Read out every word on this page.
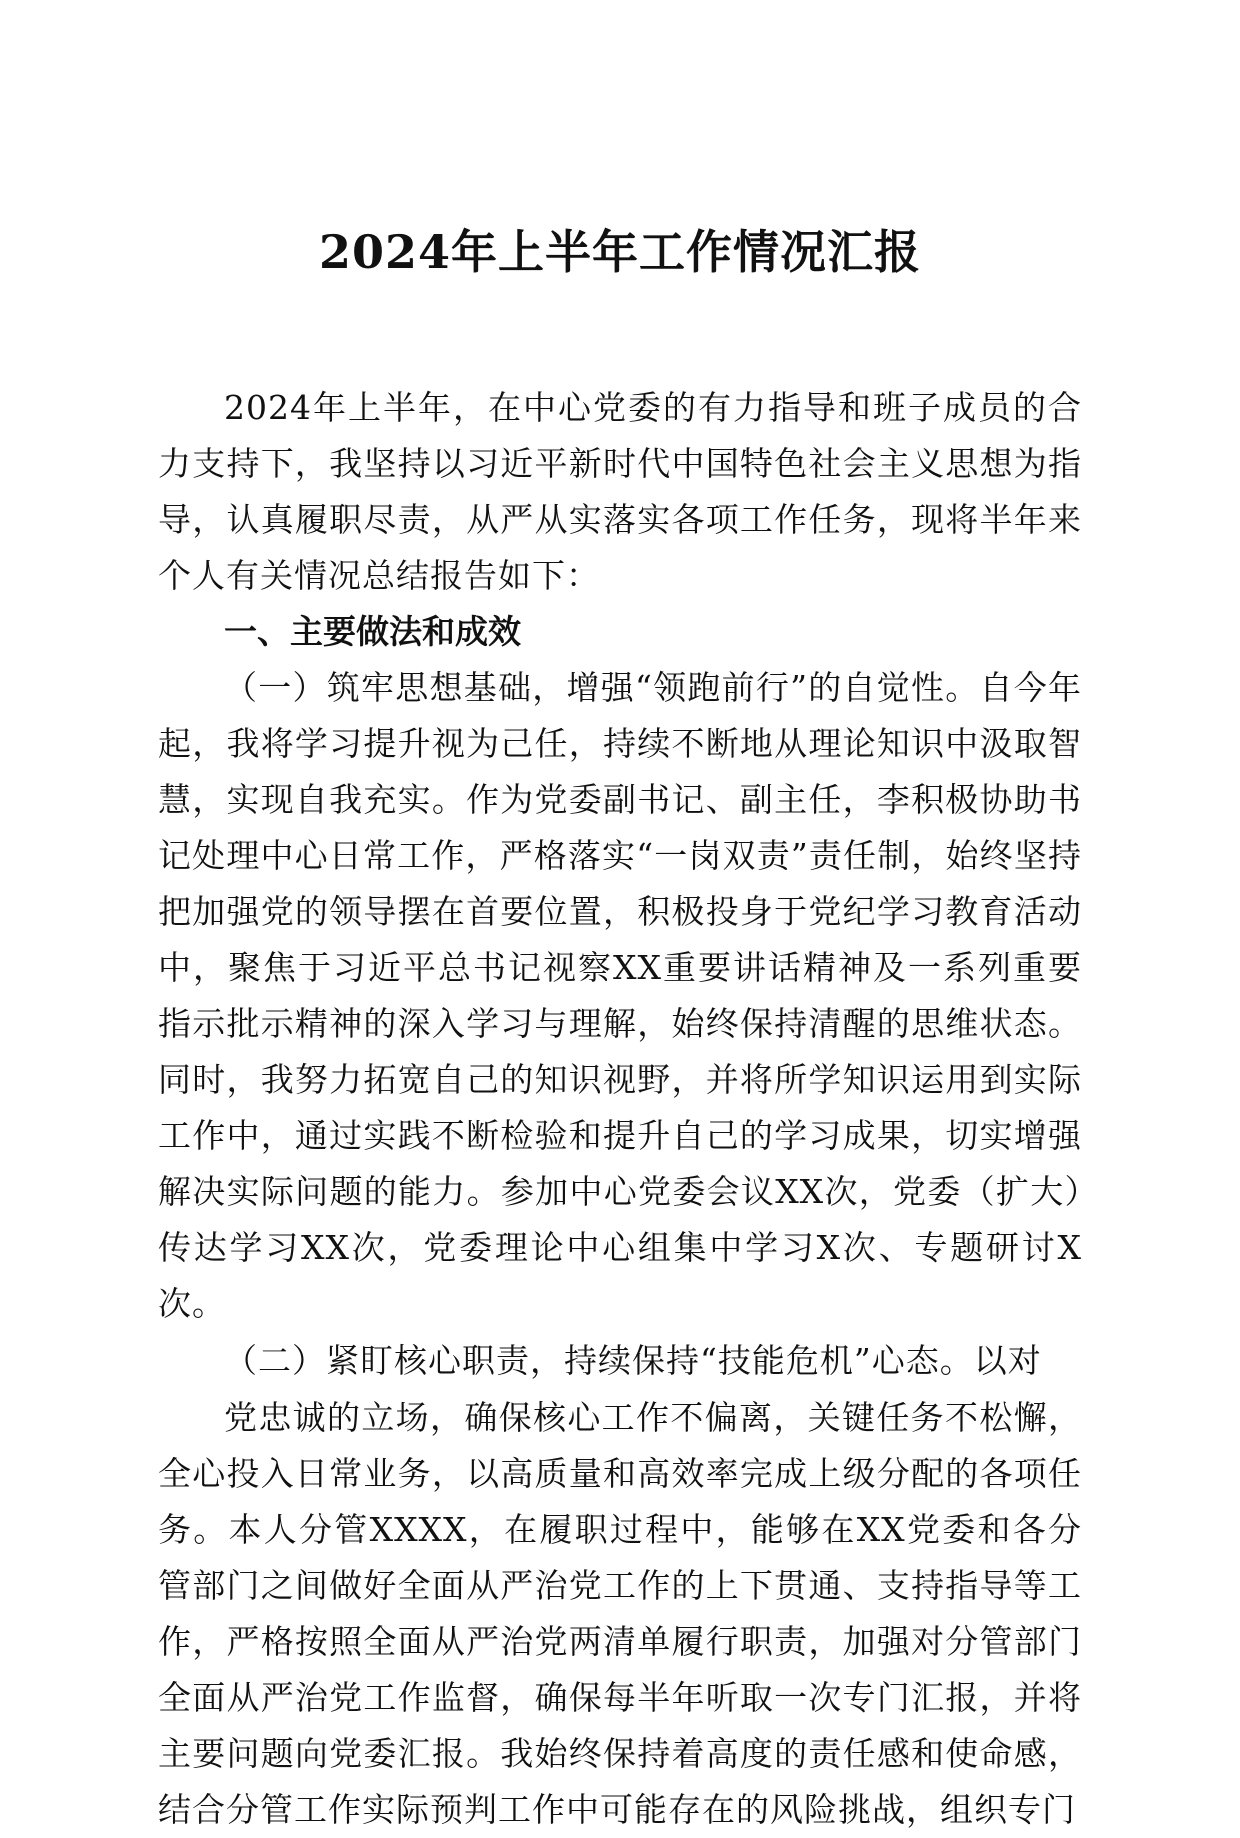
2024年上半年工作情况汇报

2024年上半年，在中心党委的有力指导和班子成员的合力支持下，我坚持以习近平新时代中国特色社会主义思想为指导，认真履职尽责，从严从实落实各项工作任务，现将半年来个人有关情况总结报告如下：

一、主要做法和成效

（一）筑牢思想基础，增强“领跑前行”的自觉性。自今年起，我将学习提升视为己任，持续不断地从理论知识中汲取智慧，实现自我充实。作为党委副书记、副主任，李积极协助书记处理中心日常工作，严格落实“一岗双责”责任制，始终坚持把加强党的领导摆在首要位置，积极投身于党纪学习教育活动中，聚焦于习近平总书记视察XX重要讲话精神及一系列重要指示批示精神的深入学习与理解，始终保持清醒的思维状态。同时，我努力拓宽自己的知识视野，并将所学知识运用到实际工作中，通过实践不断检验和提升自己的学习成果，切实增强解决实际问题的能力。参加中心党委会议XX次，党委（扩大）传达学习XX次，党委理论中心组集中学习X次、专题研讨X次。

（二）紧盯核心职责，持续保持“技能危机”心态。以对

党忠诚的立场，确保核心工作不偏离，关键任务不松懈，全心投入日常业务，以高质量和高效率完成上级分配的各项任务。本人分管XXXX，在履职过程中，能够在XX党委和各分管部门之间做好全面从严治党工作的上下贯通、支持指导等工作，严格按照全面从严治党两清单履行职责，加强对分管部门全面从严治党工作监督，确保每半年听取一次专门汇报，并将主要问题向党委汇报。我始终保持着高度的责任感和使命感，结合分管工作实际预判工作中可能存在的风险挑战，组织专门
